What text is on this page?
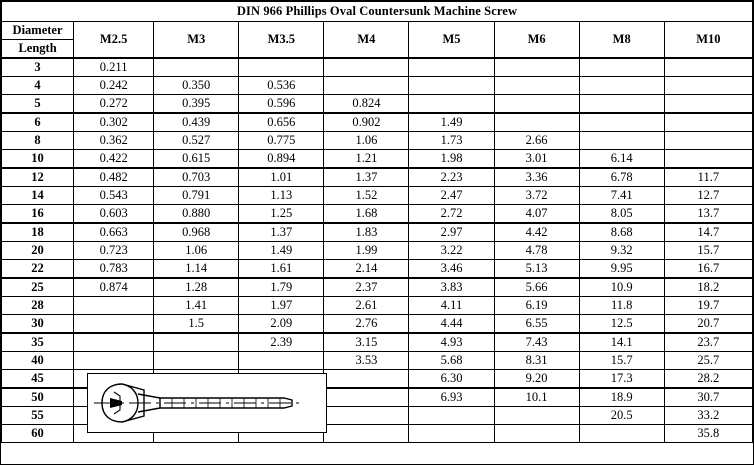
DIN 966 Phillips Oval Countersunk Machine Screw								
Diameter	M2.5	M3	M3.5	M4	M5	M6	M8	M10
Length								
3	0.211							
4	0.242	0.350	0.536					
5	0.272	0.395	0.596	0.824				
6	0.302	0.439	0.656	0.902	1.49			
8	0.362	0.527	0.775	1.06	1.73	2.66		
10	0.422	0.615	0.894	1.21	1.98	3.01	6.14	
12	0.482	0.703	1.01	1.37	2.23	3.36	6.78	11.7
14	0.543	0.791	1.13	1.52	2.47	3.72	7.41	12.7
16	0.603	0.880	1.25	1.68	2.72	4.07	8.05	13.7
18	0.663	0.968	1.37	1.83	2.97	4.42	8.68	14.7
20	0.723	1.06	1.49	1.99	3.22	4.78	9.32	15.7
22	0.783	1.14	1.61	2.14	3.46	5.13	9.95	16.7
25	0.874	1.28	1.79	2.37	3.83	5.66	10.9	18.2
28		1.41	1.97	2.61	4.11	6.19	11.8	19.7
30		1.5	2.09	2.76	4.44	6.55	12.5	20.7
35			2.39	3.15	4.93	7.43	14.1	23.7
40				3.53	5.68	8.31	15.7	25.7
45					6.30	9.20	17.3	28.2
50					6.93	10.1	18.9	30.7
55							20.5	33.2
60								35.8
